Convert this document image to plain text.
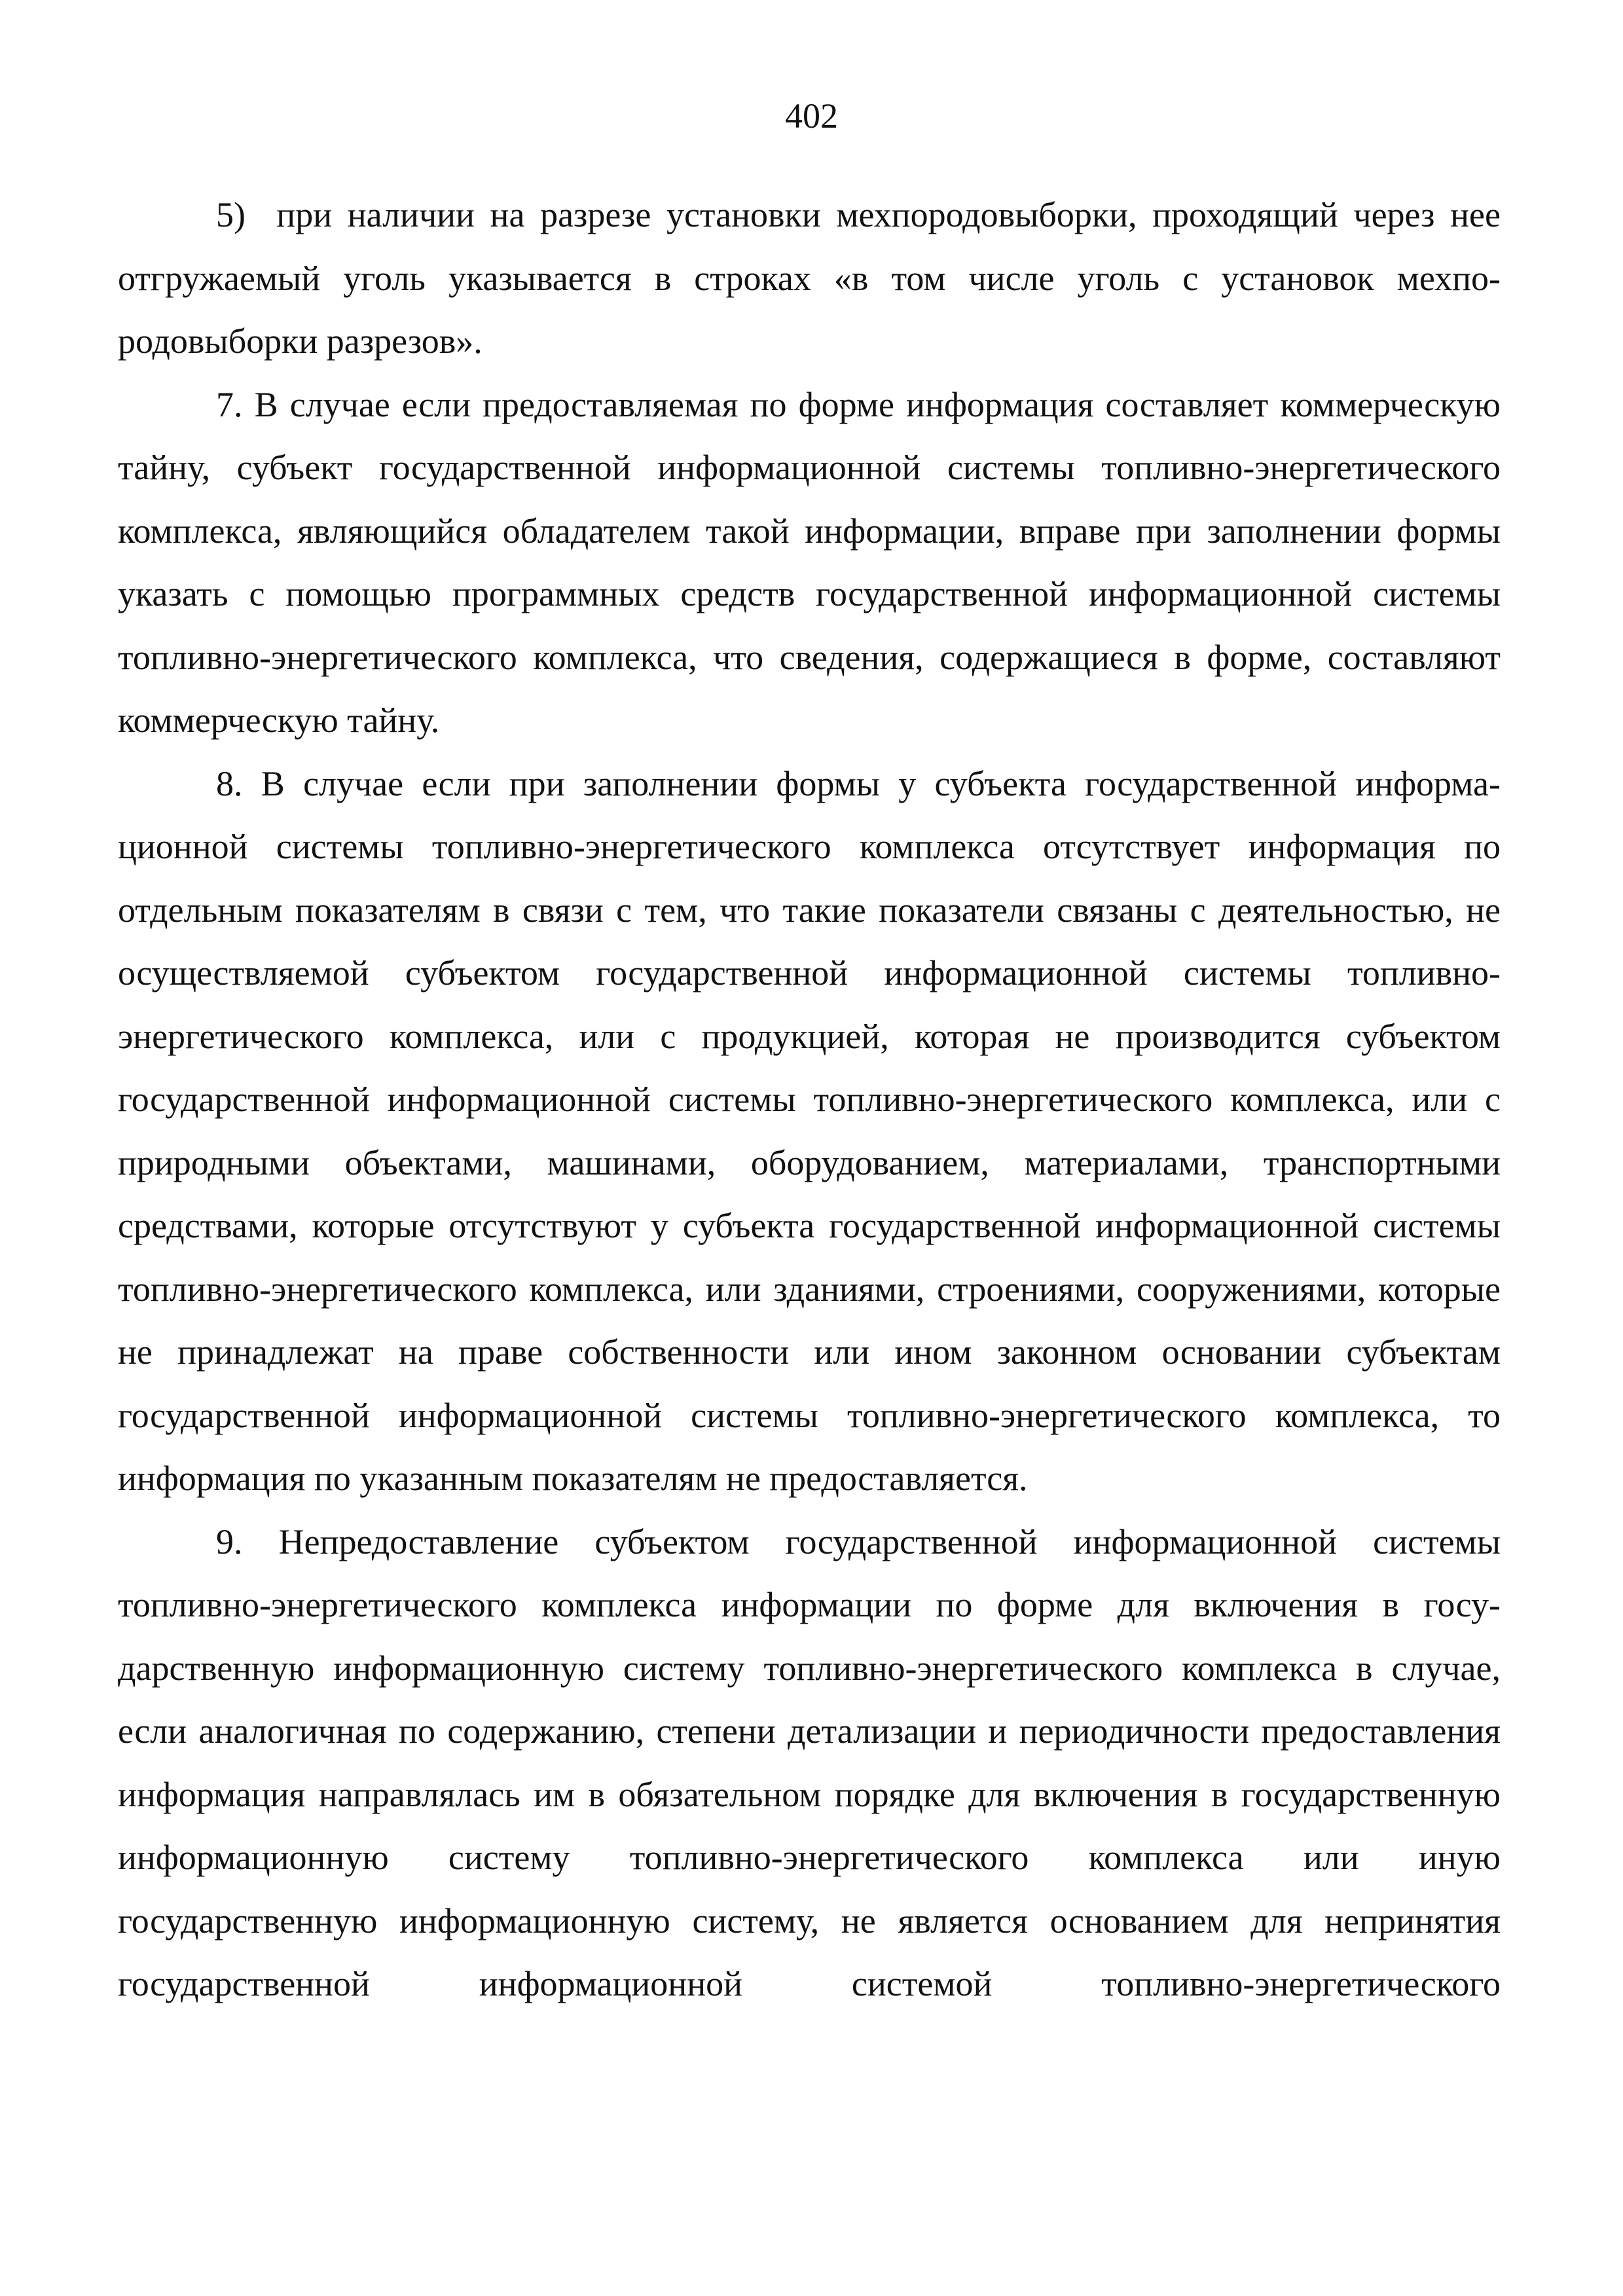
402

5)  при наличии на разрезе установки мехпородовыборки, проходящий через нее отгружаемый уголь указывается в строках «в том числе уголь с установок мехпородовыборки разрезов».

7. В случае если предоставляемая по форме информация составляет коммерческую тайну, субъект государственной информационной системы топливно-энергетического комплекса, являющийся обладателем такой информации, вправе при заполнении формы указать с помощью программных средств государственной информационной системы топливно-энергетического комплекса, что сведения, содержащиеся в форме, составляют коммерческую тайну.

8. В случае если при заполнении формы у субъекта государственной информационной системы топливно-энергетического комплекса отсутствует информация по отдельным показателям в связи с тем, что такие показатели связаны с деятельностью, не осуществляемой субъектом государственной информационной системы топливно-энергетического комплекса, или с продукцией, которая не производится субъектом государственной информационной системы топливно-энергетического комплекса, или с природными объектами, машинами, оборудованием, материалами, транспортными средствами, которые отсутствуют у субъекта государственной информационной системы топливно-энергетического комплекса, или зданиями, строениями, сооружениями, которые не принадлежат на праве собственности или ином законном основании субъектам государственной информационной системы топливно-энергетического комплекса, то информация по указанным показателям не предоставляется.

9. Непредоставление субъектом государственной информационной системы топливно-энергетического комплекса информации по форме для включения в государственную информационную систему топливно-энергетического комплекса в случае, если аналогичная по содержанию, степени детализации и периодичности предоставления информация направлялась им в обязательном порядке для включения в государственную информационную систему топливно-энергетического комплекса или иную государственную информационную систему, не является основанием для непринятия государственной информационной системой топливно-энергетического
